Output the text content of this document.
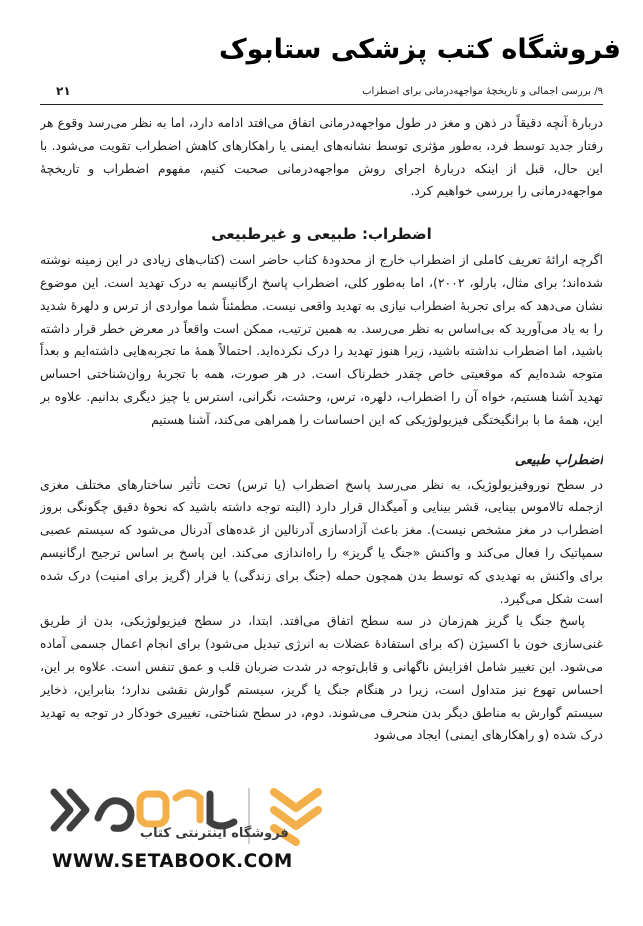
فروشگاه کتب پزشکی ستابوک
۹/ بررسی اجمالی و تاریخچۀ مواجهه‌درمانی برای اضطراب
۲۱

دربارۀ آنچه دقیقاً در ذهن و مغز در طول مواجهه‌درمانی اتفاق می‌افتد ادامه دارد، اما به نظر می‌رسد وقوع هر رفتار جدید توسط فرد، به‌طور مؤثری توسط نشانه‌های ایمنی یا راهکارهای کاهش اضطراب تقویت می‌شود. با این حال، قبل از اینکه دربارۀ اجرای روش مواجهه‌درمانی صحبت کنیم، مفهوم اضطراب و تاریخچۀ مواجهه‌درمانی را بررسی خواهیم کرد.

اضطراب: طبیعی و غیرطبیعی

اگرچه ارائۀ تعریف کاملی از اضطراب خارج از محدودۀ کتاب حاضر است (کتاب‌های زیادی در این زمینه نوشته شده‌اند؛ برای مثال، بارلو، ۲۰۰۲)، اما به‌طور کلی، اضطراب پاسخ ارگانیسم به درک تهدید است. این موضوع نشان می‌دهد که برای تجربۀ اضطراب نیازی به تهدید واقعی نیست. مطمئناً شما مواردی از ترس و دلهرۀ شدید را به یاد می‌آورید که بی‌اساس به نظر می‌رسد. به همین ترتیب، ممکن است واقعاً در معرض خطر قرار داشته باشید، اما اضطراب نداشته باشید، زیرا هنوز تهدید را درک نکرده‌اید. احتمالاً همۀ ما تجربه‌هایی داشته‌ایم و بعداً متوجه شده‌ایم که موقعیتی خاص چقدر خطرناک است. در هر صورت، همه با تجربۀ روان‌شناختی احساس تهدید آشنا هستیم، خواه آن را اضطراب، دلهره، ترس، وحشت، نگرانی، استرس یا چیز دیگری بدانیم. علاوه بر این، همۀ ما با برانگیختگی فیزیولوژیکی که این احساسات را همراهی می‌کند، آشنا هستیم

اضطراب طبیعی

در سطح نوروفیزیولوژیک، به نظر می‌رسد پاسخ اضطراب (یا ترس) تحت تأثیر ساختارهای مختلف مغزی ازجمله تالاموس بینایی، قشر بینایی و آمیگدال قرار دارد (البته توجه داشته باشید که نحوۀ دقیق چگونگی بروز اضطراب در مغز مشخص نیست). مغز باعث آزادسازی آدرنالین از غده‌های آدرنال می‌شود که سیستم عصبی سمپاتیک را فعال می‌کند و واکنش «جنگ یا گریز» را راه‌اندازی می‌کند. این پاسخ بر اساس ترجیح ارگانیسم برای واکنش به تهدیدی که توسط بدن همچون حمله (جنگ برای زندگی) یا فرار (گریز برای امنیت) درک شده است شکل می‌گیرد.

پاسخ جنگ یا گریز هم‌زمان در سه سطح اتفاق می‌افتد. ابتدا، در سطح فیزیولوژیکی، بدن از طریق غنی‌سازی خون با اکسیژن (که برای استفادۀ عضلات به انرژی تبدیل می‌شود) برای انجام اعمال جسمی آماده می‌شود. این تغییر شامل افزایش ناگهانی و قابل‌توجه در شدت ضربان قلب و عمق تنفس است. علاوه بر این، احساس تهوع نیز متداول است، زیرا در هنگام جنگ یا گریز، سیستم گوارش نقشی ندارد؛ بنابراین، ذخایر سیستم گوارش به مناطق دیگر بدن منحرف می‌شوند. دوم، در سطح شناختی، تغییری خودکار در توجه به تهدید درک شده (و راهکارهای ایمنی) ایجاد می‌شود

فروشگاه اینترنتی کتاب

WWW.SETABOOK.COM
